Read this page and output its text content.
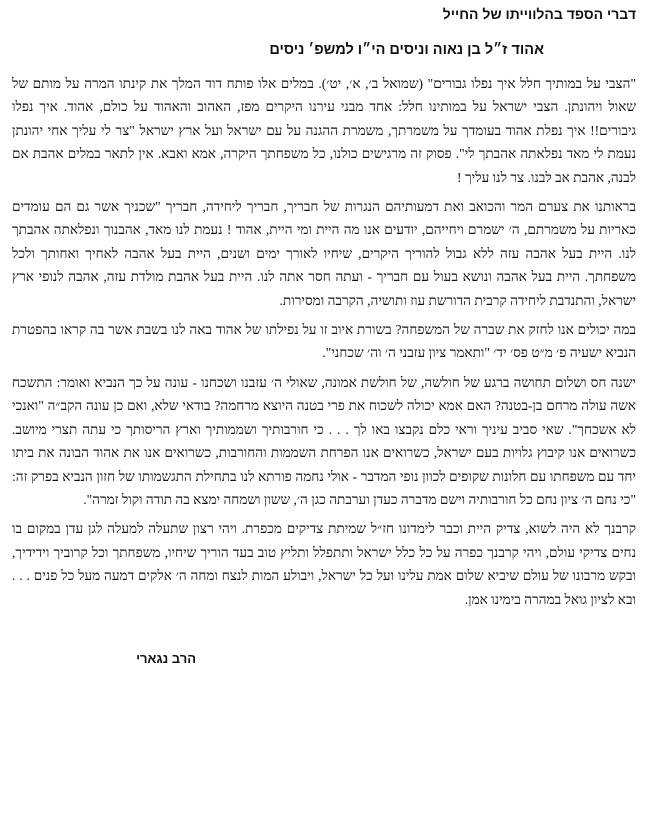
דברי הספד בהלווייתו של החייל
אהוד ז״ל בן נאוה וניסים הי״ו למשפ׳ ניסים

"הצבי על במותיך חלל איך נפלו גבורים" (שמואל ב׳, א׳, יט׳). במלים אלו פותח דוד המלך את קינתו המרה על מותם של שאול ויהונתן. הצבי ישראל על במותינו חלל: אחד מבני עירנו היקרים מפז, האהוב והאהוד על כולם, אהוד. איך נפלו גיבורים!! איך נפלת אהוד בעומדך על משמרתך, משמרת ההגנה על עם ישראל ועל ארץ ישראל "צר לי עליך אחי יהונתן נעמת לי מאד נפלאתה אהבתך לי". פסוק זה מרגישים כולנו, כל משפחתך היקרה, אמא ואבא. אין לתאר במלים אהבת אם לבנה, אהבת אב לבנו. צר לנו עליך !

בראותנו את צערם המר והכואב ואת דמעותיהם הנגרות של חבריך, חבריך ליחידה, חבריך "שכניך אשר גם הם עומדים כאריות על משמרתם, ה׳ ישמרם ויחייהם, יודעים אנו מה היית ומי היית, אהוד ! נעמת לנו מאד, אהבנוך ונפלאתה אהבתך לנו. היית בעל אהבה עזה ללא גבול להוריך היקרים, שיחיו לאורך ימים ושנים, היית בעל אהבה לאחיך ואחותך ולכל משפחתך. היית בעל אהבה ונושא בעול עם חבריך - ועתה חסר אתה לנו. היית בעל אהבת מולדת עזה, אהבה לנופי ארץ ישראל, והתנדבת ליחידה קרבית הדורשת עוז ותושיה, הקרבה ומסירות.

במה יכולים אנו לחזק את שברה של המשפחה? בשורת איוב זו על נפילתו של אהוד באה לנו בשבת אשר בה קראו בהפטרת הנביא ישעיה פ׳ מ״ט פס׳ יד׳ "ותאמר ציון עזבני ה׳ וה׳ שכחני".

ישנה חס ושלום תחושה ברגע של חולשה, של חולשת אמונה, שאולי ה׳ עזבנו ושכחנו - עונה על כך הנביא ואומר: התשכח אשה עולה מרחם בן-בטנה? האם אמא יכולה לשכוח את פרי בטנה היוצא מרחמה? בודאי שלא, ואם כן עונה הקב״ה "ואנכי לא אשכחך". שאי סביב עיניך וראי כלם נקבצו באו לך . . . כי חורבותיך ושממותיך וארץ הריסותך כי עתה תצרי מיושב. כשרואים אנו קיבוץ גלויות בעם ישראל, כשרואים אנו הפרחת השממות והחורבות, כשרואים אנו את אהוד הבונה את ביתו יחד עם משפחתו עם חלונות שקופים לכוון נופי המדבר - אולי נחמה פורתא לנו בתחילת התגשמותו של חזון הנביא בפרק זה: "כי נחם ה׳ ציון נחם כל חורבותיה וישם מדברה כעדן וערבתה כגן ה׳, ששון ושמחה ימצא בה תודה וקול זמרה".

קרבנך לא היה לשוא, צדיק היית וכבר לימדונו חז״ל שמיתת צדיקים מכפרת. ויהי רצון שתעלה למעלה לגן עדן במקום בו נחים צדיקי עולם, ויהי קרבנך כפרה על כל כלל ישראל ותתפלל ותליץ טוב בעד הוריך שיחיו, משפחתך וכל קרוביך וידידיך, ובקש מרבונו של עולם שיביא שלום אמת עלינו ועל כל ישראל, ויבולע המות לנצח ומחה ה׳ אלקים דמעה מעל כל פנים . . . ובא לציון גואל במהרה בימינו אמן.

הרב נגארי
